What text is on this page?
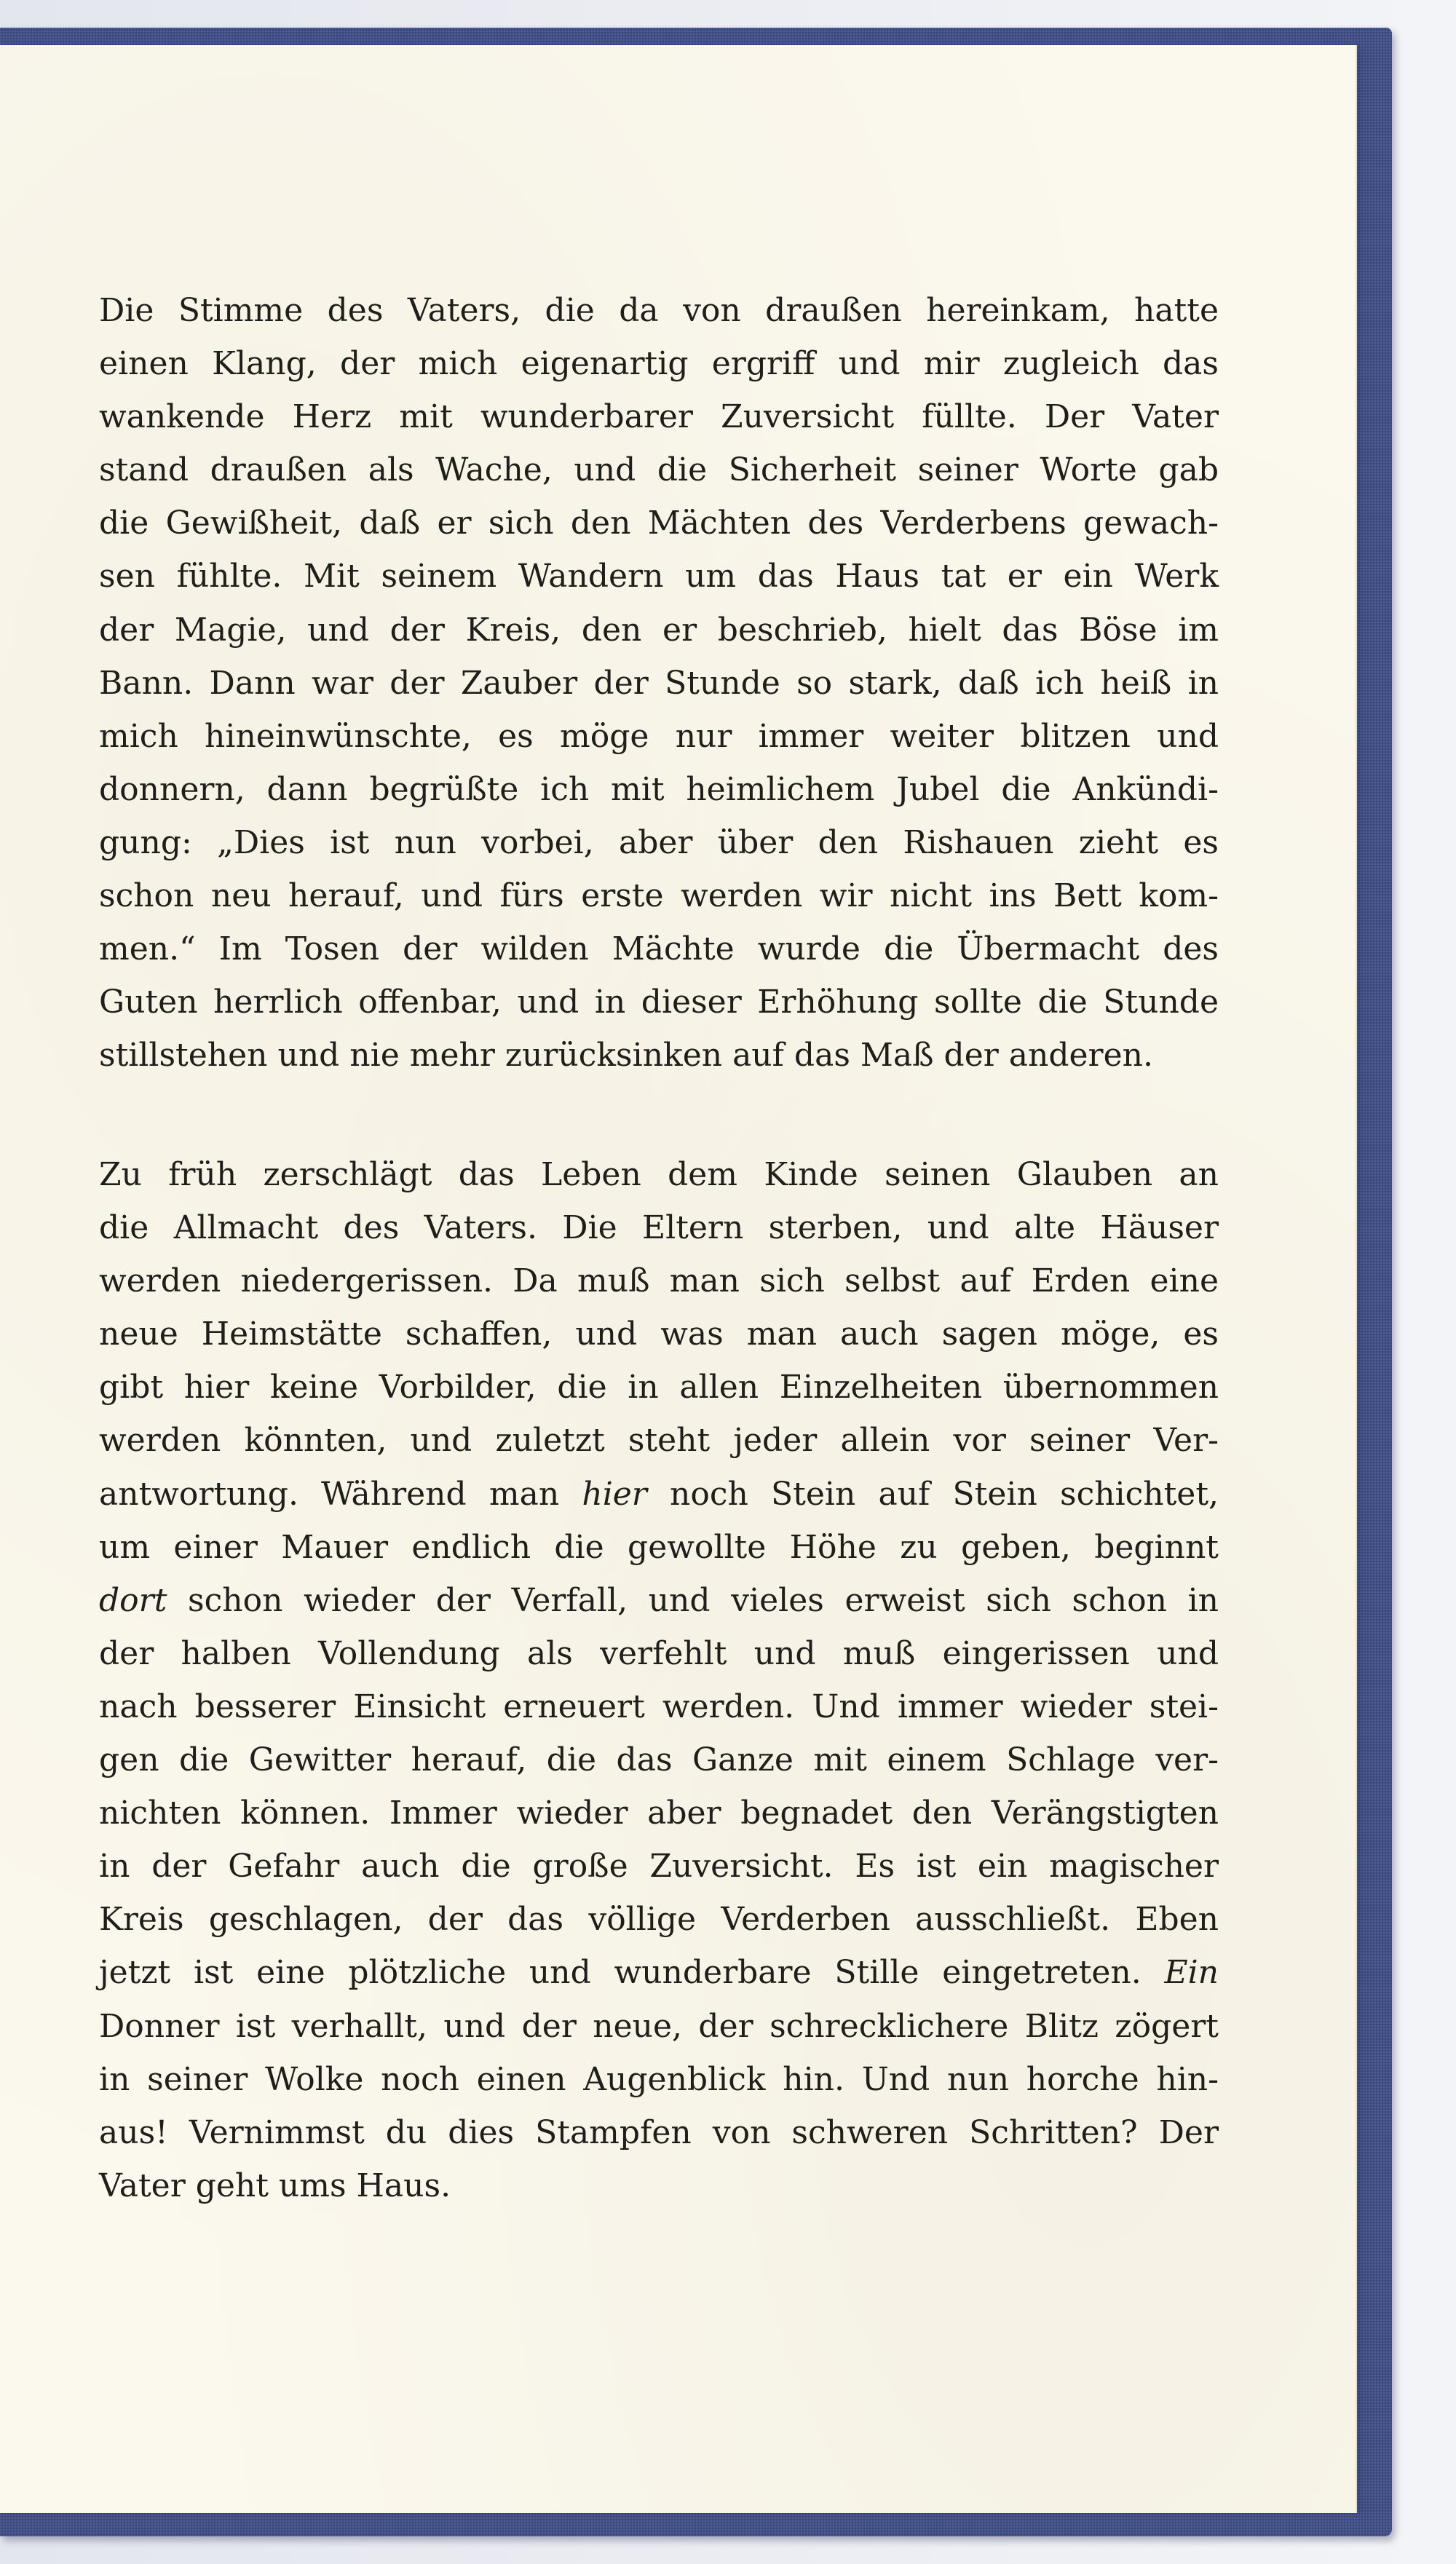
Die Stimme des Vaters, die da von draußen hereinkam, hatte
einen Klang, der mich eigenartig ergriff und mir zugleich das
wankende Herz mit wunderbarer Zuversicht füllte. Der Vater
stand draußen als Wache, und die Sicherheit seiner Worte gab
die Gewißheit, daß er sich den Mächten des Verderbens gewach-
sen fühlte. Mit seinem Wandern um das Haus tat er ein Werk
der Magie, und der Kreis, den er beschrieb, hielt das Böse im
Bann. Dann war der Zauber der Stunde so stark, daß ich heiß in
mich hineinwünschte, es möge nur immer weiter blitzen und
donnern, dann begrüßte ich mit heimlichem Jubel die Ankündi-
gung: „Dies ist nun vorbei, aber über den Rishauen zieht es
schon neu herauf, und fürs erste werden wir nicht ins Bett kom-
men.“ Im Tosen der wilden Mächte wurde die Übermacht des
Guten herrlich offenbar, und in dieser Erhöhung sollte die Stunde
stillstehen und nie mehr zurücksinken auf das Maß der anderen.

Zu früh zerschlägt das Leben dem Kinde seinen Glauben an
die Allmacht des Vaters. Die Eltern sterben, und alte Häuser
werden niedergerissen. Da muß man sich selbst auf Erden eine
neue Heimstätte schaffen, und was man auch sagen möge, es
gibt hier keine Vorbilder, die in allen Einzelheiten übernommen
werden könnten, und zuletzt steht jeder allein vor seiner Ver-
antwortung. Während man hier noch Stein auf Stein schichtet,
um einer Mauer endlich die gewollte Höhe zu geben, beginnt
dort schon wieder der Verfall, und vieles erweist sich schon in
der halben Vollendung als verfehlt und muß eingerissen und
nach besserer Einsicht erneuert werden. Und immer wieder stei-
gen die Gewitter herauf, die das Ganze mit einem Schlage ver-
nichten können. Immer wieder aber begnadet den Verängstigten
in der Gefahr auch die große Zuversicht. Es ist ein magischer
Kreis geschlagen, der das völlige Verderben ausschließt. Eben
jetzt ist eine plötzliche und wunderbare Stille eingetreten. Ein
Donner ist verhallt, und der neue, der schrecklichere Blitz zögert
in seiner Wolke noch einen Augenblick hin. Und nun horche hin-
aus! Vernimmst du dies Stampfen von schweren Schritten? Der
Vater geht ums Haus.
